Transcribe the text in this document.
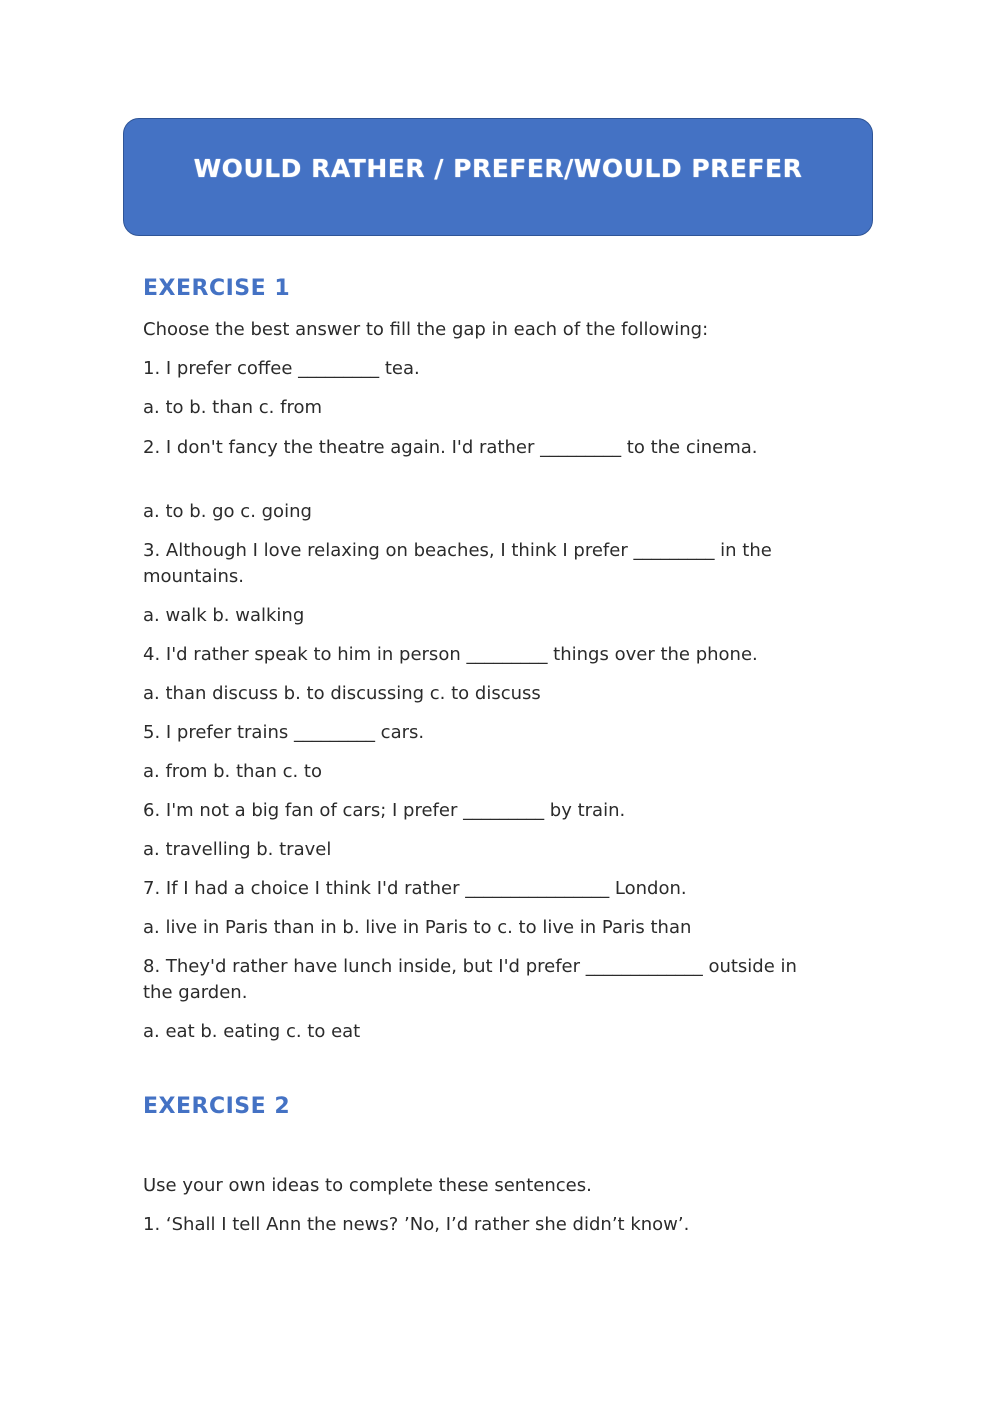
WOULD RATHER / PREFER/WOULD PREFER
EXERCISE 1
Choose the best answer to fill the gap in each of the following:
1. I prefer coffee _________ tea.
a. to b. than c. from
2. I don't fancy the theatre again. I'd rather _________ to the cinema.
a. to b. go c. going
3. Although I love relaxing on beaches, I think I prefer _________ in the mountains.
a. walk b. walking
4. I'd rather speak to him in person _________ things over the phone.
a. than discuss b. to discussing c. to discuss
5. I prefer trains _________ cars.
a. from b. than c. to
6. I'm not a big fan of cars; I prefer _________ by train.
a. travelling b. travel
7. If I had a choice I think I'd rather ________________ London.
a. live in Paris than in b. live in Paris to c. to live in Paris than
8. They'd rather have lunch inside, but I'd prefer _____________ outside in the garden.
a. eat b. eating c. to eat
EXERCISE 2
Use your own ideas to complete these sentences.
1. ‘Shall I tell Ann the news? ’No, I’d rather she didn’t know’.
